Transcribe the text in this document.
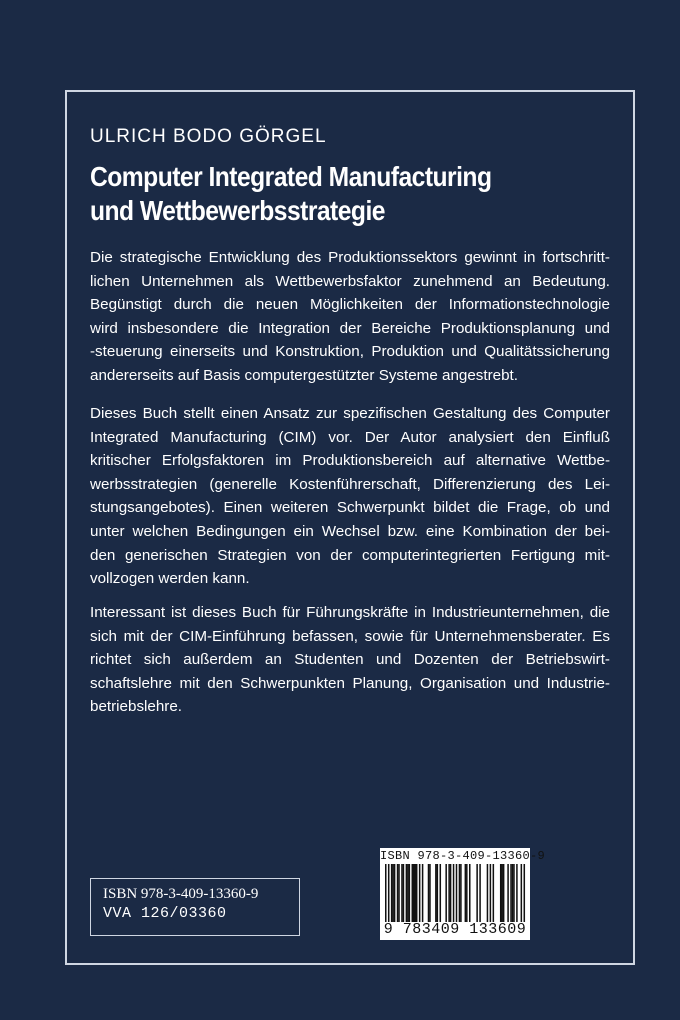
ULRICH BODO GÖRGEL
Computer Integrated Manufacturing
und Wettbewerbsstrategie
Die strategische Entwicklung des Produktionssektors gewinnt in fortschritt-
lichen Unternehmen als Wettbewerbsfaktor zunehmend an Bedeutung.
Begünstigt durch die neuen Möglichkeiten der Informationstechnologie
wird insbesondere die Integration der Bereiche Produktionsplanung und
-steuerung einerseits und Konstruktion, Produktion und Qualitätssicherung
andererseits auf Basis computergestützter Systeme angestrebt.
Dieses Buch stellt einen Ansatz zur spezifischen Gestaltung des Computer
Integrated Manufacturing (CIM) vor. Der Autor analysiert den Einfluß
kritischer Erfolgsfaktoren im Produktionsbereich auf alternative Wettbe-
werbsstrategien (generelle Kostenführerschaft, Differenzierung des Lei-
stungsangebotes). Einen weiteren Schwerpunkt bildet die Frage, ob und
unter welchen Bedingungen ein Wechsel bzw. eine Kombination der bei-
den generischen Strategien von der computerintegrierten Fertigung mit-
vollzogen werden kann.
Interessant ist dieses Buch für Führungskräfte in Industrieunternehmen, die
sich mit der CIM-Einführung befassen, sowie für Unternehmensberater. Es
richtet sich außerdem an Studenten und Dozenten der Betriebswirt-
schaftslehre mit den Schwerpunkten Planung, Organisation und Industrie-
betriebslehre.
ISBN 978-3-409-13360-9
VVA 126/03360
ISBN 978-3-409-13360-9
9 783409 133609
